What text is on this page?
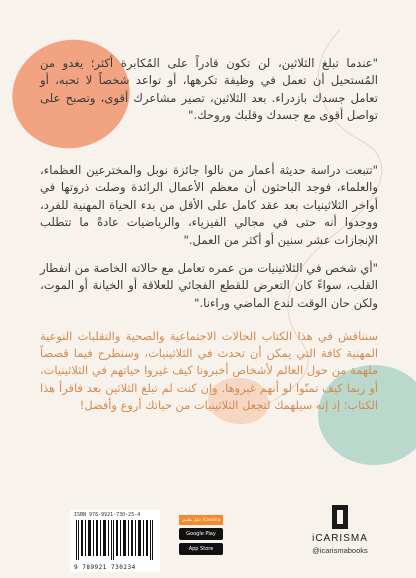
"عندما تبلغ الثلاثين، لن تكون قادراً على المُكابرة أكثر؛ يغدو من المُستحيل أن تعمل في وظيفة تكرهها، أو تواعد شخصاً لا تحبه، أو تعامل جسدك بازدراء. بعد الثلاثين، تصير مشاعرك أقوى، وتصبح على تواصل أقوى مع جسدك وقلبك وروحك."
"تتبعت دراسة حديثة أعمار من نالوا جائزة نوبل والمخترعين العظماء، والعلماء، فوجد الباحثون أن معظم الأعمال الرائدة وصلت ذروتها في أواخر الثلاثينيات بعد عقد كامل على الأقل من بدء الحياة المهنية للفرد، ووجدوا أنه حتى في مجالي الفيزياء، والرياضيات عادةً ما تتطلب الإنجازات عشر سنين أو أكثر من العمل."
"أي شخص في الثلاثينيات من عمره تعامل مع حالاته الخاصة من انفطار القلب، سواءً كان التعرض للقطع الفجائي للعلاقة أو الخيانة أو الموت، ولكن حان الوقت لندع الماضي وراءنا."
سنناقش في هذا الكتاب الحالات الاجتماعية والصحية والتقلبات النوعية المهنية كافة التي يمكن أن تحدث في الثلاثينيات، وسنطرح فيما قصصاً ملهمة من حول العالم لأشخاص أخبرونا كيف غيروا حياتهم في الثلاثينيات، أو ربما كيف تمنّوا لو أنهم غيروها. وإن كنت لم تبلغ الثلاثين بعد فاقرأ هذا الكتاب؛ إذ إنه سيلهمك لتجعل الثلاثينيات من حياتك أروع وأفضل!
ISBN 978-9921-730-25-4
9 789921 730234
حمّل تطبيق iCarisma
Google Play
App Store
iCARISMA
@icarismabooks
